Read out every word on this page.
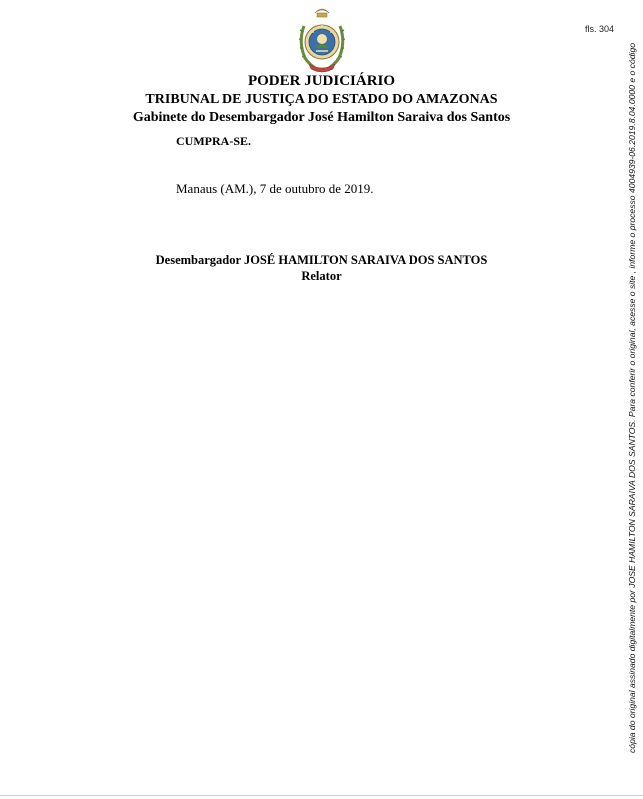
fls. 304
PODER JUDICIÁRIO
TRIBUNAL DE JUSTIÇA DO ESTADO DO AMAZONAS
Gabinete do Desembargador José Hamilton Saraiva dos Santos
CUMPRA-SE.
Manaus (AM.), 7 de outubro de 2019.
Desembargador JOSÉ HAMILTON SARAIVA DOS SANTOS
Relator	cópia do original assinado digitalmente por JOSE HAMILTON SARAIVA DOS SANTOS. Para conferir o original, acesse o site , informe o processo 4004939-06.2019.8.04.0000 e o código
